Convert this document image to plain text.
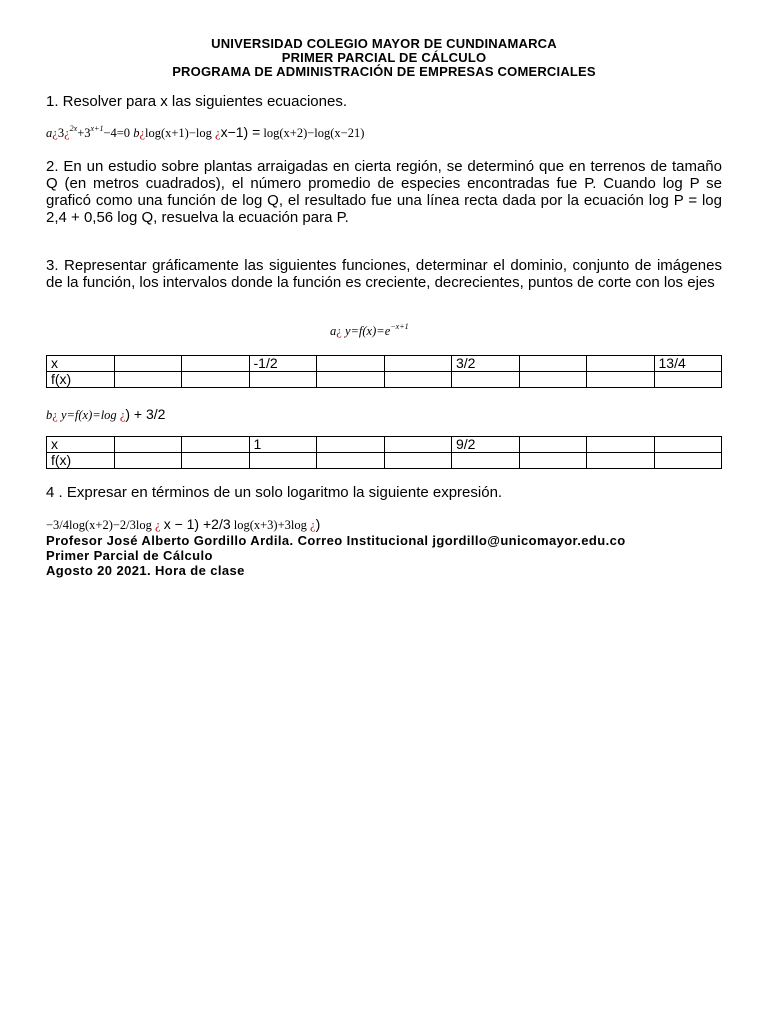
UNIVERSIDAD COLEGIO MAYOR DE CUNDINAMARCA
PRIMER PARCIAL DE CÁLCULO
PROGRAMA DE ADMINISTRACIÓN DE EMPRESAS COMERCIALES
1. Resolver para x las siguientes ecuaciones.
$a¿3¿^{2x}+3^{x+1}-4=0$ b¿log(x+1)−log ¿x−1) = log(x+2)−log(x−21)
2. En un estudio sobre plantas arraigadas en cierta región, se determinó que en terrenos de tamaño Q (en metros cuadrados), el número promedio de especies encontradas fue P. Cuando log P se graficó como una función de log Q, el resultado fue una línea recta dada por la ecuación log P = log 2,4 + 0,56 log Q, resuelva la ecuación para P.
3. Representar gráficamente las siguientes funciones, determinar el dominio, conjunto de imágenes de la función, los intervalos donde la función es creciente, decrecientes, puntos de corte con los ejes
a¿ $y=f(x)=e^{-x+1}$
x			-1/2			3/2			13/4
f(x)									
b¿ y=f(x)=log ¿) + 3/2
x			1			9/2			
f(x)									
4 . Expresar en términos de un solo logaritmo la siguiente expresión.
−3/4log(x+2)−2/3log ¿ x − 1) +2/3 log(x+3)+3log ¿)
Profesor José Alberto Gordillo Ardila. Correo Institucional jgordillo@unicomayor.edu.co
Primer Parcial de Cálculo
Agosto 20 2021. Hora de clase
